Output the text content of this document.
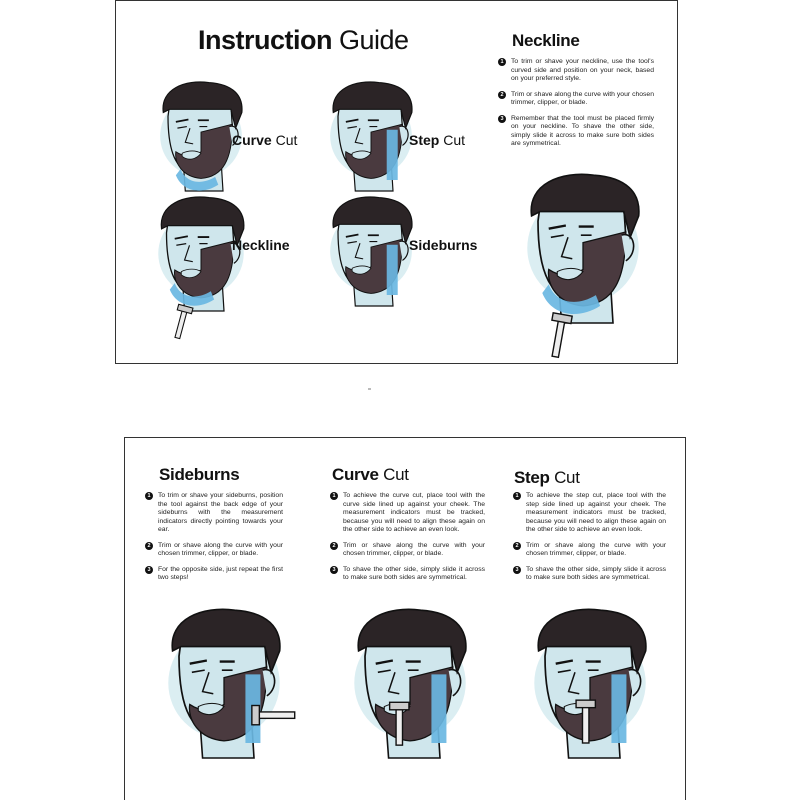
Instruction Guide
Curve Cut	Step Cut
Neckline	Sideburns
Neckline
1	To trim or shave your neckline, use the tool's curved side and position on your neck, based on your preferred style.
2	Trim or shave along the curve with your chosen trimmer, clipper, or blade.
3	Remember that the tool must be placed firmly on your neckline. To shave the other side, simply slide it across to make sure both sides are symmetrical.
Sideburns
1	To trim or shave your sideburns, position the tool against the back edge of your sideburns with the measurement indicators directly pointing towards your ear.
2	Trim or shave along the curve with your chosen trimmer, clipper, or blade.
3	For the opposite side, just repeat the first two steps!
Curve Cut
1	To achieve the curve cut, place tool with the curve side lined up against your cheek. The measurement indicators must be tracked, because you will need to align these again on the other side to achieve an even look.
2	Trim or shave along the curve with your chosen trimmer, clipper, or blade.
3	To shave the other side, simply slide it across to make sure both sides are symmetrical.
Step Cut
1	To achieve the step cut, place tool with the step side lined up against your cheek. The measurement indicators must be tracked, because you will need to align these again on the other side to achieve an even look.
2	Trim or shave along the curve with your chosen trimmer, clipper, or blade.
3	To shave the other side, simply slide it across to make sure both sides are symmetrical.
